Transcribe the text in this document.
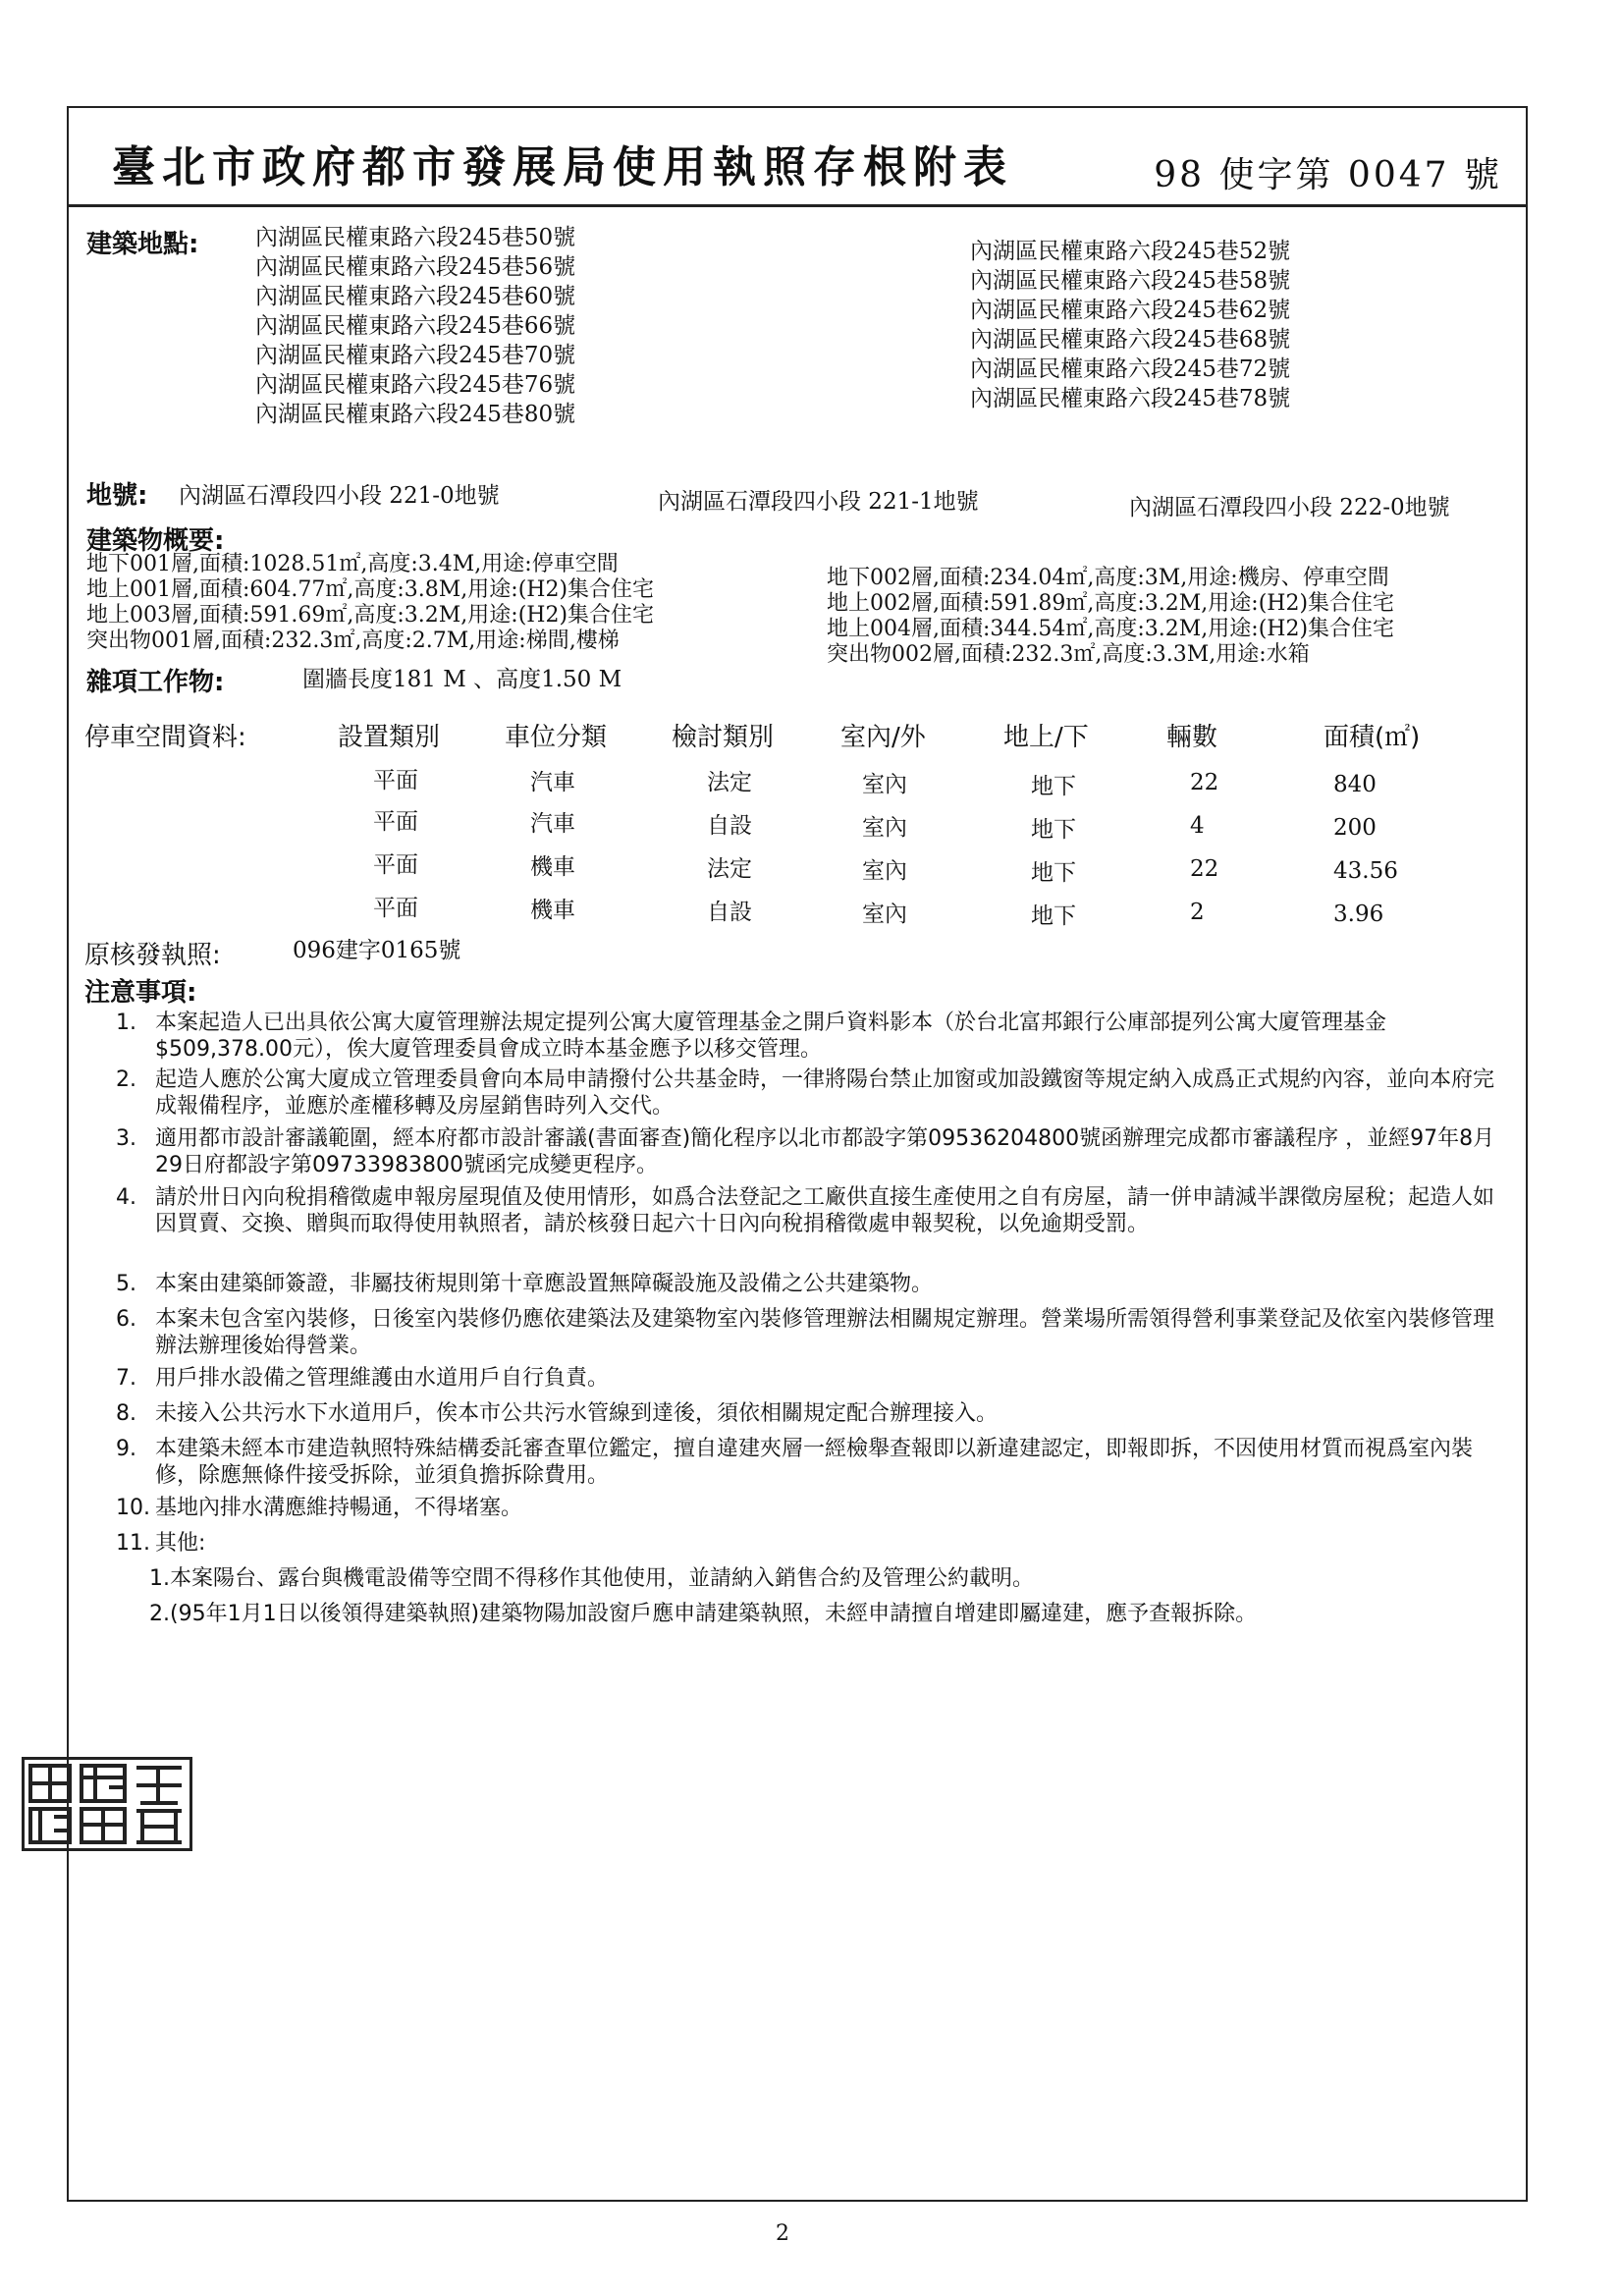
臺北市政府都市發展局使用執照存根附表	98 使字第 0047 號
建築地點:	內湖區民權東路六段245巷50號
內湖區民權東路六段245巷56號
內湖區民權東路六段245巷60號
內湖區民權東路六段245巷66號
內湖區民權東路六段245巷70號
內湖區民權東路六段245巷76號
內湖區民權東路六段245巷80號
內湖區民權東路六段245巷52號
內湖區民權東路六段245巷58號
內湖區民權東路六段245巷62號
內湖區民權東路六段245巷68號
內湖區民權東路六段245巷72號
內湖區民權東路六段245巷78號
地號: 內湖區石潭段四小段 221-0地號	內湖區石潭段四小段 221-1地號	內湖區石潭段四小段 222-0地號
建築物概要:
地下001層,面積:1028.51㎡,高度:3.4M,用途:停車空間
地上001層,面積:604.77㎡,高度:3.8M,用途:(H2)集合住宅
地上003層,面積:591.69㎡,高度:3.2M,用途:(H2)集合住宅
突出物001層,面積:232.3㎡,高度:2.7M,用途:梯間,樓梯
地下002層,面積:234.04㎡,高度:3M,用途:機房、停車空間
地上002層,面積:591.89㎡,高度:3.2M,用途:(H2)集合住宅
地上004層,面積:344.54㎡,高度:3.2M,用途:(H2)集合住宅
突出物002層,面積:232.3㎡,高度:3.3M,用途:水箱
雜項工作物:	圍牆長度181 M 、高度1.50 M
停車空間資料:	設置類別	車位分類	檢討類別	室內/外	地上/下	輛數	面積(㎡)
平面	汽車	法定	室內	地下	22	840
平面	汽車	自設	室內	地下	4	200
平面	機車	法定	室內	地下	22	43.56
平面	機車	自設	室內	地下	2	3.96
原核發執照:	096建字0165號
注意事項:
1. 本案起造人已出具依公寓大廈管理辦法規定提列公寓大廈管理基金之開戶資料影本（於台北富邦銀行公庫部提列公寓大廈管理基金$509,378.00元），俟大廈管理委員會成立時本基金應予以移交管理。
2. 起造人應於公寓大廈成立管理委員會向本局申請撥付公共基金時，一律將陽台禁止加窗或加設鐵窗等規定納入成爲正式規約內容，並向本府完成報備程序，並應於產權移轉及房屋銷售時列入交代。
3. 適用都市設計審議範圍，經本府都市設計審議(書面審查)簡化程序以北市都設字第09536204800號函辦理完成都市審議程序 ，並經97年8月29日府都設字第09733983800號函完成變更程序。
4. 請於卅日內向稅捐稽徵處申報房屋現值及使用情形，如爲合法登記之工廠供直接生產使用之自有房屋，請一併申請減半課徵房屋稅；起造人如因買賣、交換、贈與而取得使用執照者，請於核發日起六十日內向稅捐稽徵處申報契稅，以免逾期受罰。
5. 本案由建築師簽證，非屬技術規則第十章應設置無障礙設施及設備之公共建築物。
6. 本案未包含室內裝修，日後室內裝修仍應依建築法及建築物室內裝修管理辦法相關規定辦理。營業場所需領得營利事業登記及依室內裝修管理辦法辦理後始得營業。
7. 用戶排水設備之管理維護由水道用戶自行負責。
8. 未接入公共污水下水道用戶，俟本市公共污水管線到達後，須依相關規定配合辦理接入。
9. 本建築未經本市建造執照特殊結構委託審查單位鑑定，擅自違建夾層一經檢舉查報即以新違建認定，即報即拆，不因使用材質而視爲室內裝修，除應無條件接受拆除，並須負擔拆除費用。
10. 基地內排水溝應維持暢通，不得堵塞。
11. 其他:
1.本案陽台、露台與機電設備等空間不得移作其他使用，並請納入銷售合約及管理公約載明。
2.(95年1月1日以後領得建築執照)建築物陽加設窗戶應申請建築執照，未經申請擅自增建即屬違建，應予查報拆除。
2
